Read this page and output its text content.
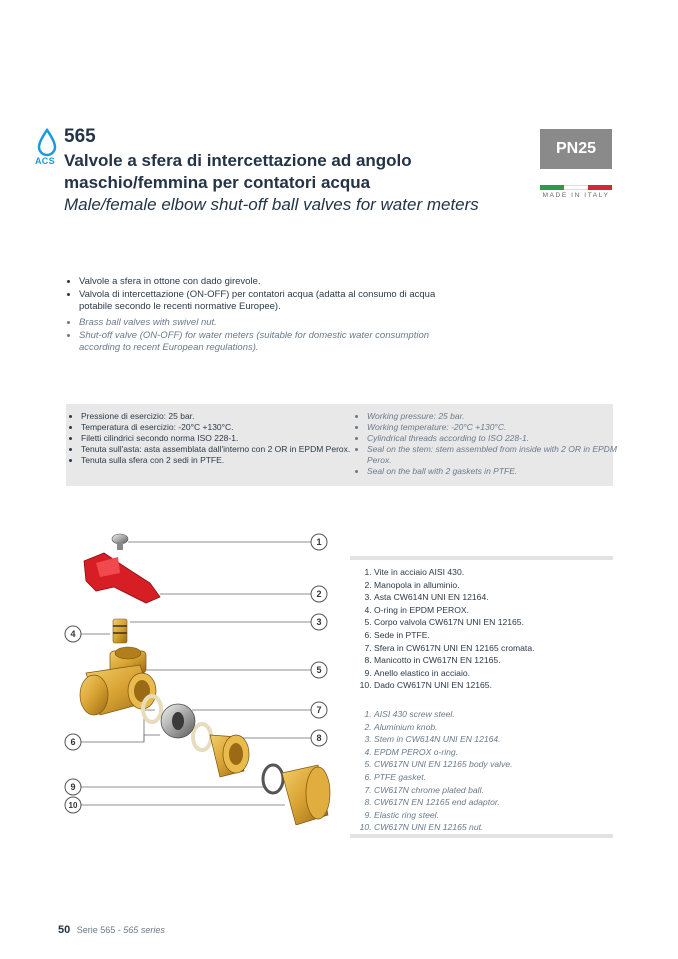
ACS
565
Valvole a sfera di intercettazione ad angolo maschio/femmina per contatori acqua
Male/female elbow shut-off ball valves for water meters
PN25
MADE IN ITALY
• Valvole a sfera in ottone con dado girevole.
• Valvola di intercettazione (ON-OFF) per contatori acqua (adatta al consumo di acqua potabile secondo le recenti normative Europee).
• Brass ball valves with swivel nut.
• Shut-off valve (ON-OFF) for water meters (suitable for domestic water consumption according to recent European regulations).
• Pressione di esercizio: 25 bar.
• Temperatura di esercizio: -20°C +130°C.
• Filetti cilindrici secondo norma ISO 228-1.
• Tenuta sull'asta: asta assemblata dall'interno con 2 OR in EPDM Perox.
• Tenuta sulla sfera con 2 sedi in PTFE.
• Working pressure: 25 bar.
• Working temperature: -20°C +130°C.
• Cylindrical threads according to ISO 228-1.
• Seal on the stem: stem assembled from inside with 2 OR in EPDM Perox.
• Seal on the ball with 2 gaskets in PTFE.
1
2
3
4
5
6
7
8
9
10
1. Vite in acciaio AISI 430.
2. Manopola in alluminio.
3. Asta CW614N UNI EN 12164.
4. O-ring in EPDM PEROX.
5. Corpo valvola CW617N UNI EN 12165.
6. Sede in PTFE.
7. Sfera in CW617N UNI EN 12165 cromata.
8. Manicotto in CW617N EN 12165.
9. Anello elastico in acciaio.
10. Dado CW617N UNI EN 12165.
1. AISI 430 screw steel.
2. Aluminium knob.
3. Stem in CW614N UNI EN 12164.
4. EPDM PEROX o-ring.
5. CW617N UNI EN 12165 body valve.
6. PTFE gasket.
7. CW617N chrome plated ball.
8. CW617N EN 12165 end adaptor.
9. Elastic ring steel.
10. CW617N UNI EN 12165 nut.
50 Serie 565 - 565 series
